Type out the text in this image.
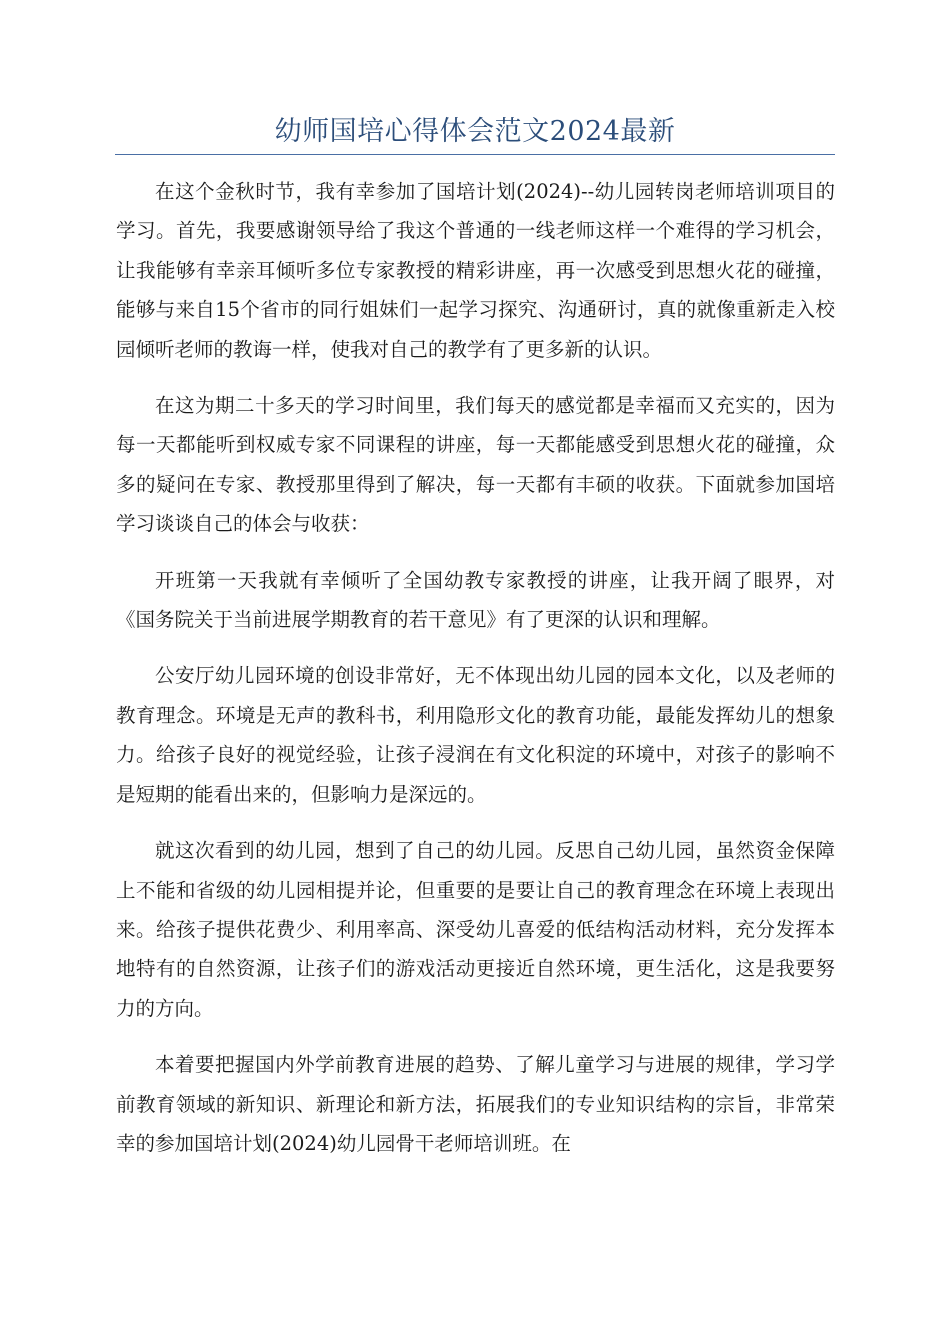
幼师国培心得体会范文2024最新

在这个金秋时节，我有幸参加了国培计划(2024)--幼儿园转岗老师培训项目的学习。首先，我要感谢领导给了我这个普通的一线老师这样一个难得的学习机会，让我能够有幸亲耳倾听多位专家教授的精彩讲座，再一次感受到思想火花的碰撞，能够与来自15个省市的同行姐妹们一起学习探究、沟通研讨，真的就像重新走入校园倾听老师的教诲一样，使我对自己的教学有了更多新的认识。

在这为期二十多天的学习时间里，我们每天的感觉都是幸福而又充实的，因为每一天都能听到权威专家不同课程的讲座，每一天都能感受到思想火花的碰撞，众多的疑问在专家、教授那里得到了解决，每一天都有丰硕的收获。下面就参加国培学习谈谈自己的体会与收获：

开班第一天我就有幸倾听了全国幼教专家教授的讲座，让我开阔了眼界，对《国务院关于当前进展学期教育的若干意见》有了更深的认识和理解。

公安厅幼儿园环境的创设非常好，无不体现出幼儿园的园本文化，以及老师的教育理念。环境是无声的教科书，利用隐形文化的教育功能，最能发挥幼儿的想象力。给孩子良好的视觉经验，让孩子浸润在有文化积淀的环境中，对孩子的影响不是短期的能看出来的，但影响力是深远的。

就这次看到的幼儿园，想到了自己的幼儿园。反思自己幼儿园，虽然资金保障上不能和省级的幼儿园相提并论，但重要的是要让自己的教育理念在环境上表现出来。给孩子提供花费少、利用率高、深受幼儿喜爱的低结构活动材料，充分发挥本地特有的自然资源，让孩子们的游戏活动更接近自然环境，更生活化，这是我要努力的方向。

本着要把握国内外学前教育进展的趋势、了解儿童学习与进展的规律，学习学前教育领域的新知识、新理论和新方法，拓展我们的专业知识结构的宗旨，非常荣幸的参加国培计划(2024)幼儿园骨干老师培训班。在
